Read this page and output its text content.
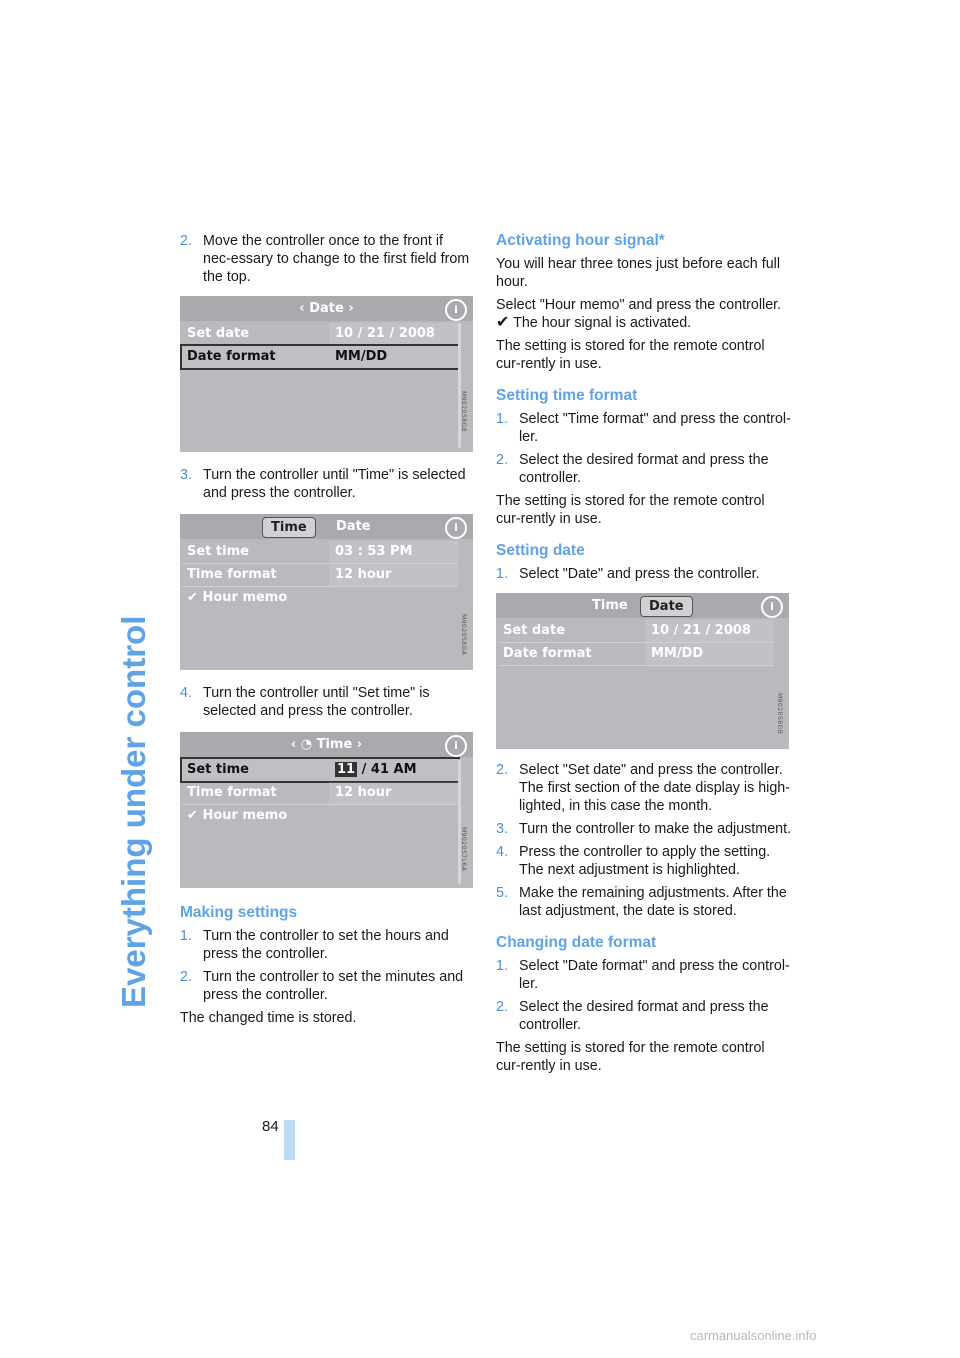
Everything under control
2. Move the controller once to the front if nec-essary to change to the first field from the top.
‹ Date ›	i
Set date	10 / 21 / 2008
Date format	MM/DD
M9020S8G8
3. Turn the controller until "Time" is selected and press the controller.
Time	Date	i
Set time	03 : 53 PM
Time format	12 hour
✔ Hour memo
M9020S8GA
4. Turn the controller until "Set time" is selected and press the controller.
‹ ◔ Time ›	i
Set time	11 / 41 AM
Time format	12 hour
✔ Hour memo
M9020S7L6A
Making settings
1. Turn the controller to set the hours and press the controller.
2. Turn the controller to set the minutes and press the controller.

The changed time is stored.

Activating hour signal*

You will hear three tones just before each full hour.

Select "Hour memo" and press the controller.
✔ The hour signal is activated.

The setting is stored for the remote control cur-rently in use.

Setting time format
1. Select "Time format" and press the control-ler.
2. Select the desired format and press the controller.

The setting is stored for the remote control cur-rently in use.

Setting date
1. Select "Date" and press the controller.
Time	Date	i
Set date	10 / 21 / 2008
Date format	MM/DD
M9020S8GB
2. Select "Set date" and press the controller. The first section of the date display is high-lighted, in this case the month.
3. Turn the controller to make the adjustment.
4. Press the controller to apply the setting. The next adjustment is highlighted.
5. Make the remaining adjustments. After the last adjustment, the date is stored.
Changing date format
1. Select "Date format" and press the control-ler.
2. Select the desired format and press the controller.

The setting is stored for the remote control cur-rently in use.

84
carmanualsonline.info
